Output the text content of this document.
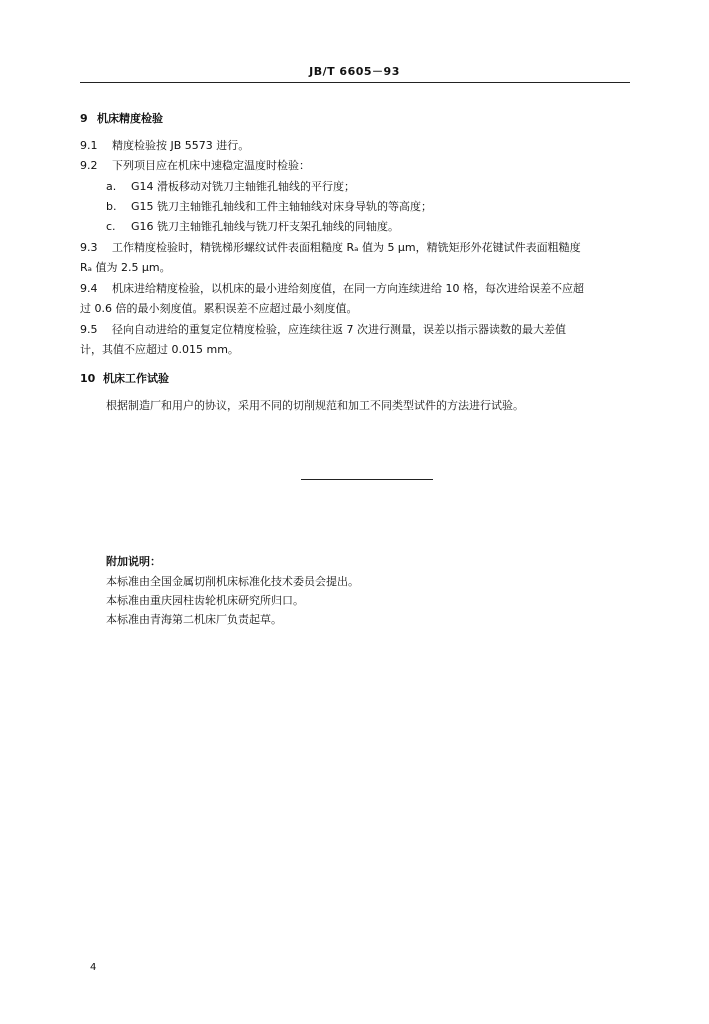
JB/T 6605－93
9 机床精度检验
9.1 精度检验按 JB 5573 进行。
9.2 下列项目应在机床中速稳定温度时检验：
a. G14 滑板移动对铣刀主轴锥孔轴线的平行度；
b. G15 铣刀主轴锥孔轴线和工件主轴轴线对床身导轨的等高度；
c. G16 铣刀主轴锥孔轴线与铣刀杆支架孔轴线的同轴度。
9.3 工作精度检验时，精铣梯形螺纹试件表面粗糙度 Rₐ 值为 5 μm，精铣矩形外花键试件表面粗糙度
Rₐ 值为 2.5 μm。
9.4 机床进给精度检验，以机床的最小进给刻度值，在同一方向连续进给 10 格，每次进给误差不应超
过 0.6 倍的最小刻度值。累积误差不应超过最小刻度值。
9.5 径向自动进给的重复定位精度检验，应连续往返 7 次进行测量，误差以指示器读数的最大差值
计，其值不应超过 0.015 mm。
10 机床工作试验
根据制造厂和用户的协议，采用不同的切削规范和加工不同类型试件的方法进行试验。
附加说明：
本标准由全国金属切削机床标准化技术委员会提出。
本标准由重庆园柱齿轮机床研究所归口。
本标准由青海第二机床厂负责起草。
4
